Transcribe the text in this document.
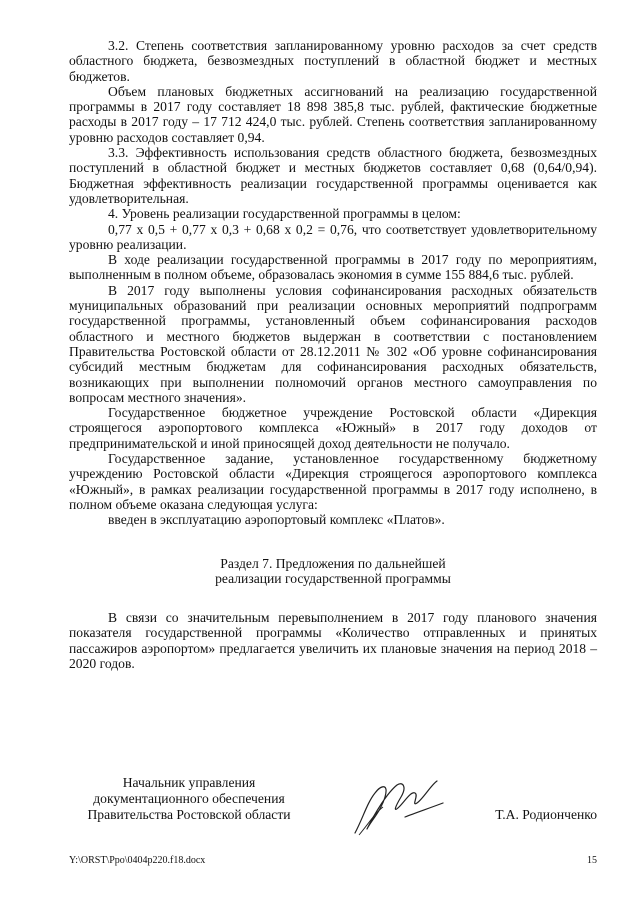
3.2. Степень соответствия запланированному уровню расходов за счет средств областного бюджета, безвозмездных поступлений в областной бюджет и местных бюджетов.

Объем плановых бюджетных ассигнований на реализацию государственной программы в 2017 году составляет 18 898 385,8 тыс. рублей, фактические бюджетные расходы в 2017 году – 17 712 424,0 тыс. рублей. Степень соответствия запланированному уровню расходов составляет 0,94.

3.3. Эффективность использования средств областного бюджета, безвозмездных поступлений в областной бюджет и местных бюджетов составляет 0,68 (0,64/0,94). Бюджетная эффективность реализации государственной программы оценивается как удовлетворительная.

4. Уровень реализации государственной программы в целом:

0,77 х 0,5 + 0,77 х 0,3 + 0,68 х 0,2 = 0,76, что соответствует удовлетворительному уровню реализации.

В ходе реализации государственной программы в 2017 году по мероприятиям, выполненным в полном объеме, образовалась экономия в сумме 155 884,6 тыс. рублей.

В 2017 году выполнены условия софинансирования расходных обязательств муниципальных образований при реализации основных мероприятий подпрограмм государственной программы, установленный объем софинансирования расходов областного и местного бюджетов выдержан в соответствии с постановлением Правительства Ростовской области от 28.12.2011 № 302 «Об уровне софинансирования субсидий местным бюджетам для софинансирования расходных обязательств, возникающих при выполнении полномочий органов местного самоуправления по вопросам местного значения».

Государственное бюджетное учреждение Ростовской области «Дирекция строящегося аэропортового комплекса «Южный» в 2017 году доходов от предпринимательской и иной приносящей доход деятельности не получало.

Государственное задание, установленное государственному бюджетному учреждению Ростовской области «Дирекция строящегося аэропортового комплекса «Южный», в рамках реализации государственной программы в 2017 году исполнено, в полном объеме оказана следующая услуга:

введен в эксплуатацию аэропортовый комплекс «Платов».

Раздел 7. Предложения по дальнейшей
реализации государственной программы

В связи со значительным перевыполнением в 2017 году планового значения показателя государственной программы «Количество отправленных и принятых пассажиров аэропортом» предлагается увеличить их плановые значения на период 2018 – 2020 годов.

Начальник управления
документационного обеспечения
Правительства Ростовской области	Т.А. Родионченко
Y:\ORST\Ppo\0404p220.f18.docx	15
